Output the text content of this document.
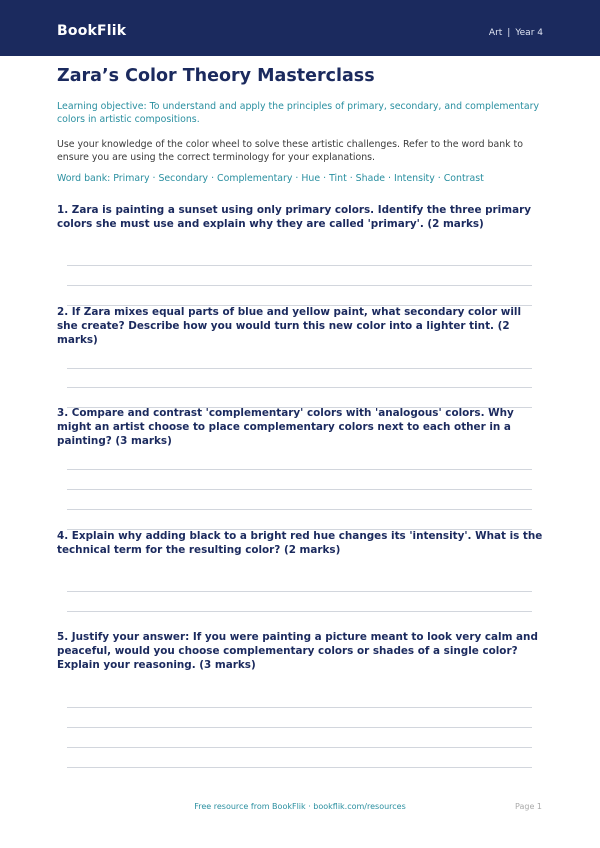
BookFlik	Art | Year 4
Zara’s Color Theory Masterclass

Learning objective: To understand and apply the principles of primary, secondary, and complementary colors in artistic compositions.

Use your knowledge of the color wheel to solve these artistic challenges. Refer to the word bank to ensure you are using the correct terminology for your explanations.

Word bank: Primary · Secondary · Complementary · Hue · Tint · Shade · Intensity · Contrast

1. Zara is painting a sunset using only primary colors. Identify the three primary colors she must use and explain why they are called 'primary'. (2 marks)

2. If Zara mixes equal parts of blue and yellow paint, what secondary color will she create? Describe how you would turn this new color into a lighter tint. (2 marks)

3. Compare and contrast 'complementary' colors with 'analogous' colors. Why might an artist choose to place complementary colors next to each other in a painting? (3 marks)

4. Explain why adding black to a bright red hue changes its 'intensity'. What is the technical term for the resulting color? (2 marks)

5. Justify your answer: If you were painting a picture meant to look very calm and peaceful, would you choose complementary colors or shades of a single color? Explain your reasoning. (3 marks)

Free resource from BookFlik · bookflik.com/resources	Page 1
